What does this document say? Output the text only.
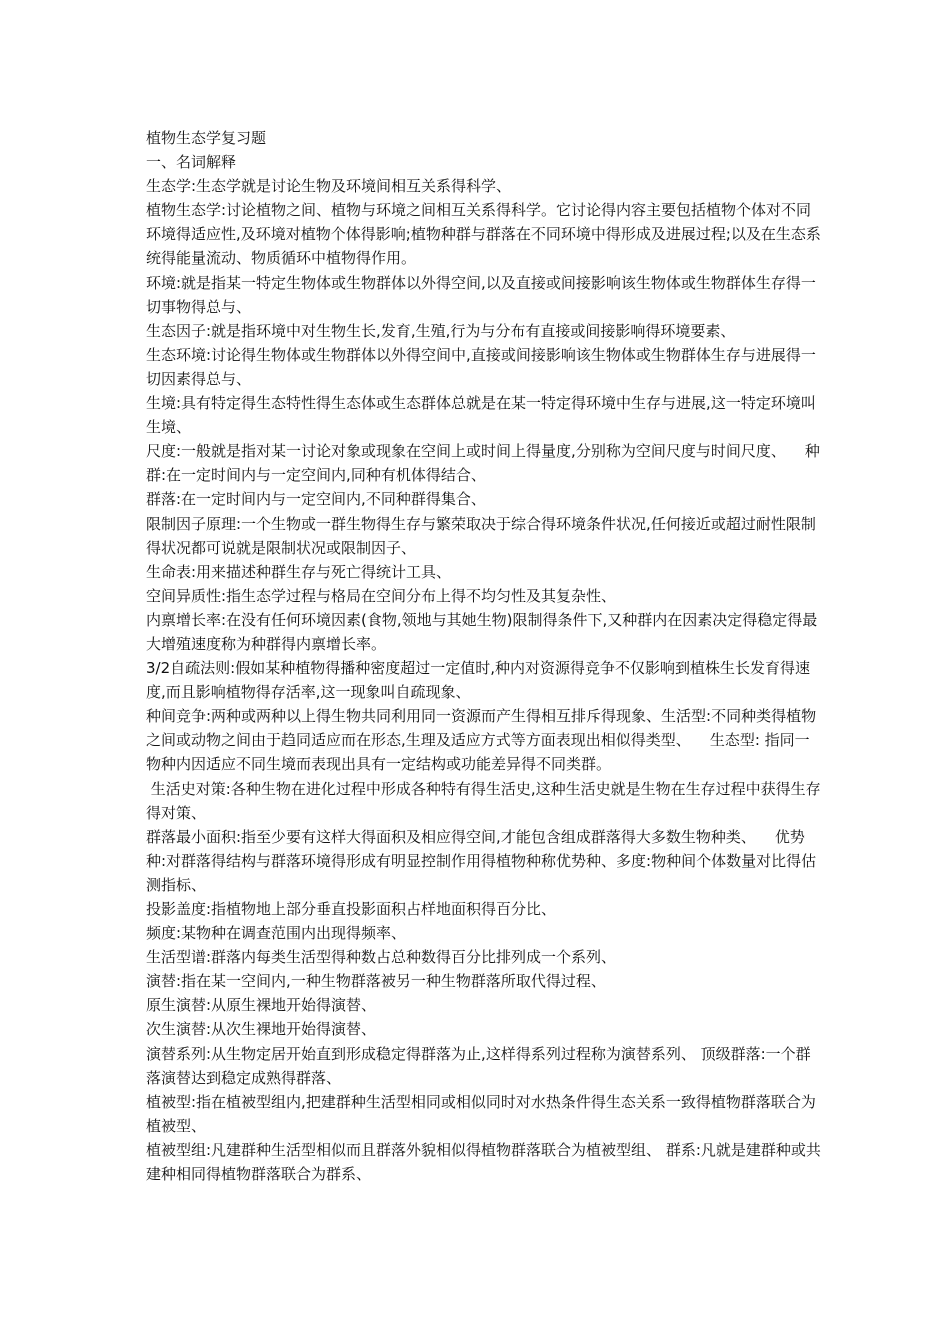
植物生态学复习题

一、名词解释

生态学:生态学就是讨论生物及环境间相互关系得科学、

植物生态学:讨论植物之间、植物与环境之间相互关系得科学。它讨论得内容主要包括植物个体对不同环境得适应性,及环境对植物个体得影响;植物种群与群落在不同环境中得形成及进展过程;以及在生态系统得能量流动、物质循环中植物得作用。

环境:就是指某一特定生物体或生物群体以外得空间,以及直接或间接影响该生物体或生物群体生存得一切事物得总与、

生态因子:就是指环境中对生物生长,发育,生殖,行为与分布有直接或间接影响得环境要素、

生态环境:讨论得生物体或生物群体以外得空间中,直接或间接影响该生物体或生物群体生存与进展得一切因素得总与、

生境:具有特定得生态特性得生态体或生态群体总就是在某一特定得环境中生存与进展,这一特定环境叫生境、

尺度:一般就是指对某一讨论对象或现象在空间上或时间上得量度,分别称为空间尺度与时间尺度、    种群:在一定时间内与一定空间内,同种有机体得结合、

群落:在一定时间内与一定空间内,不同种群得集合、

限制因子原理:一个生物或一群生物得生存与繁荣取决于综合得环境条件状况,任何接近或超过耐性限制得状况都可说就是限制状况或限制因子、

生命表:用来描述种群生存与死亡得统计工具、

空间异质性:指生态学过程与格局在空间分布上得不均匀性及其复杂性、

内禀增长率:在没有任何环境因素(食物,领地与其她生物)限制得条件下,又种群内在因素决定得稳定得最大增殖速度称为种群得内禀增长率。

3/2自疏法则:假如某种植物得播种密度超过一定值时,种内对资源得竞争不仅影响到植株生长发育得速度,而且影响植物得存活率,这一现象叫自疏现象、

种间竞争:两种或两种以上得生物共同利用同一资源而产生得相互排斥得现象、生活型:不同种类得植物之间或动物之间由于趋同适应而在形态,生理及适应方式等方面表现出相似得类型、    生态型: 指同一物种内因适应不同生境而表现出具有一定结构或功能差异得不同类群。

生活史对策:各种生物在进化过程中形成各种特有得生活史,这种生活史就是生物在生存过程中获得生存得对策、

群落最小面积:指至少要有这样大得面积及相应得空间,才能包含组成群落得大多数生物种类、    优势种:对群落得结构与群落环境得形成有明显控制作用得植物种称优势种、多度:物种间个体数量对比得估测指标、

投影盖度:指植物地上部分垂直投影面积占样地面积得百分比、

频度:某物种在调查范围内出现得频率、

生活型谱:群落内每类生活型得种数占总种数得百分比排列成一个系列、

演替:指在某一空间内,一种生物群落被另一种生物群落所取代得过程、

原生演替:从原生裸地开始得演替、

次生演替:从次生裸地开始得演替、

演替系列:从生物定居开始直到形成稳定得群落为止,这样得系列过程称为演替系列、 顶级群落:一个群落演替达到稳定成熟得群落、

植被型:指在植被型组内,把建群种生活型相同或相似同时对水热条件得生态关系一致得植物群落联合为植被型、

植被型组:凡建群种生活型相似而且群落外貌相似得植物群落联合为植被型组、 群系:凡就是建群种或共建种相同得植物群落联合为群系、
